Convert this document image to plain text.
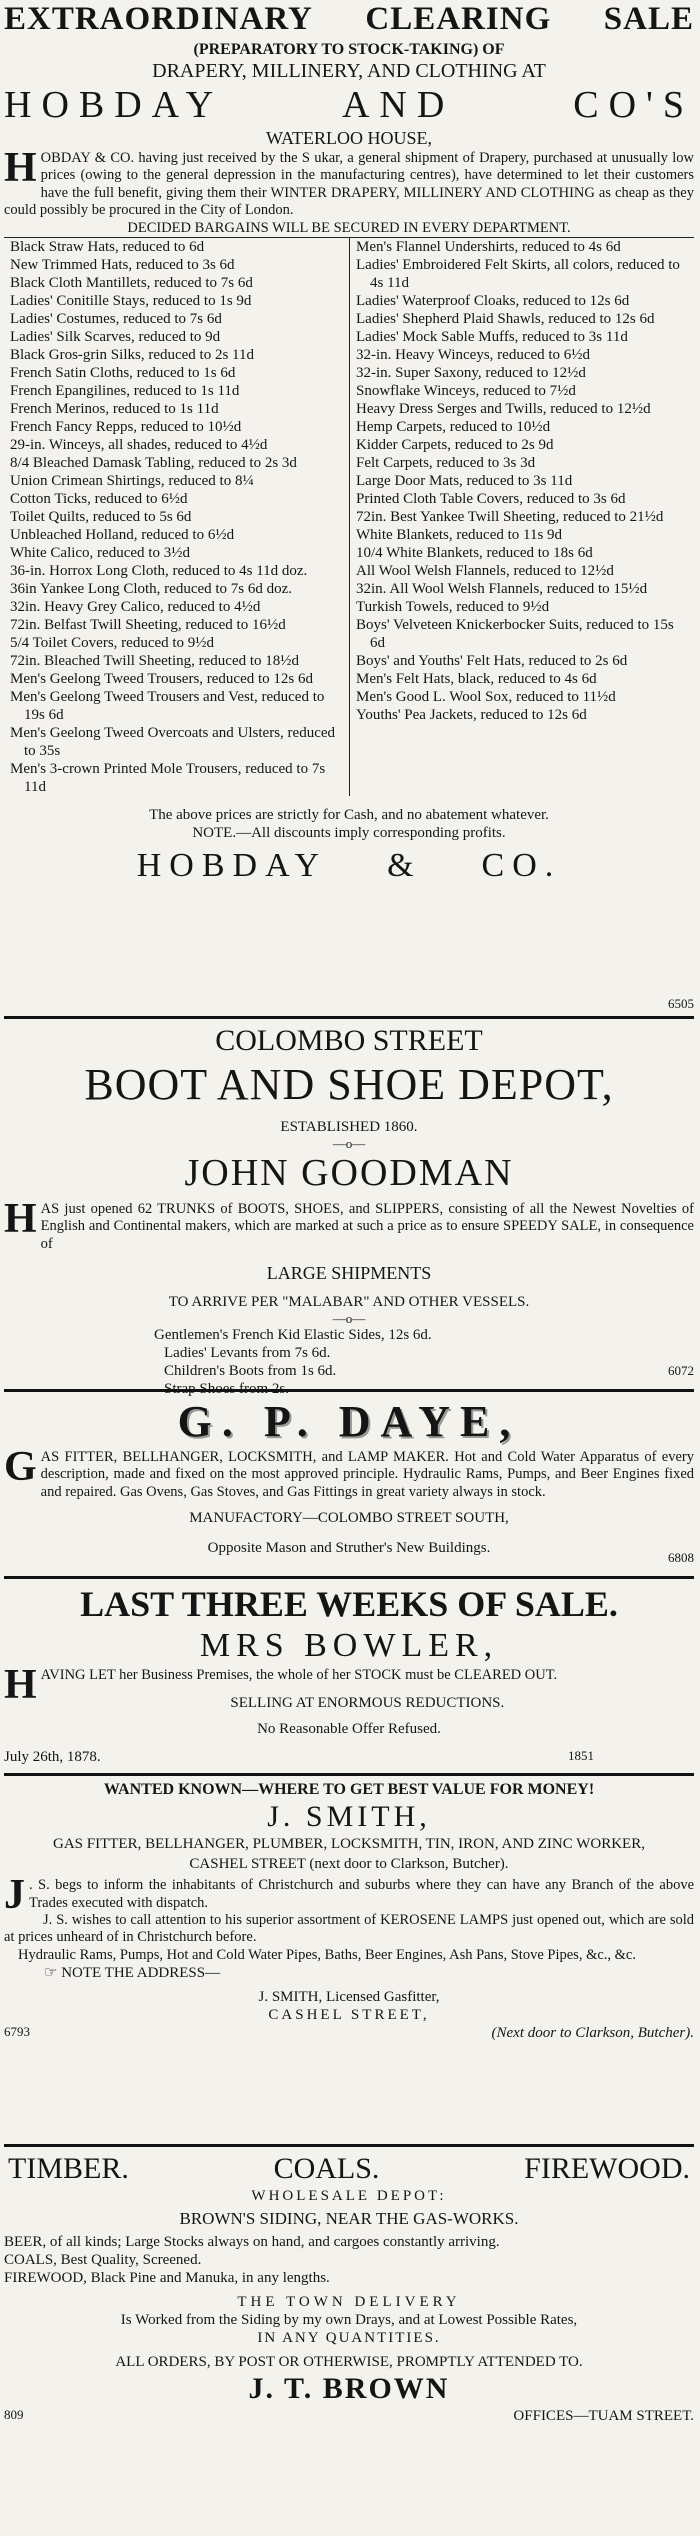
EXTRAORDINARY CLEARING SALE
(PREPARATORY TO STOCK-TAKING) OF
DRAPERY, MILLINERY, AND CLOTHING AT
HOBDAY	AND	CO'S
WATERLOO HOUSE,

HOBDAY & CO. having just received by the S ukar, a general shipment of Drapery, purchased at unusually low prices (owing to the general depression in the manufacturing centres), have determined to let their customers have the full benefit, giving them their WINTER DRAPERY, MILLINERY AND CLOTHING as cheap as they could possibly be procured in the City of London.

DECIDED BARGAINS WILL BE SECURED IN EVERY DEPARTMENT.
Black Straw Hats, reduced to 6d
New Trimmed Hats, reduced to 3s 6d
Black Cloth Mantillets, reduced to 7s 6d
Ladies' Conitille Stays, reduced to 1s 9d
Ladies' Costumes, reduced to 7s 6d
Ladies' Silk Scarves, reduced to 9d
Black Gros-grin Silks, reduced to 2s 11d
French Satin Cloths, reduced to 1s 6d
French Epangilines, reduced to 1s 11d
French Merinos, reduced to 1s 11d
French Fancy Repps, reduced to 10½d
29-in. Winceys, all shades, reduced to 4½d
8/4 Bleached Damask Tabling, reduced to 2s 3d
Union Crimean Shirtings, reduced to 8¼
Cotton Ticks, reduced to 6½d
Toilet Quilts, reduced to 5s 6d
Unbleached Holland, reduced to 6½d
White Calico, reduced to 3½d
36-in. Horrox Long Cloth, reduced to 4s 11d doz.
36in Yankee Long Cloth, reduced to 7s 6d doz.
32in. Heavy Grey Calico, reduced to 4½d
72in. Belfast Twill Sheeting, reduced to 16½d
5/4 Toilet Covers, reduced to 9½d
72in. Bleached Twill Sheeting, reduced to 18½d
Men's Geelong Tweed Trousers, reduced to 12s 6d
Men's Geelong Tweed Trousers and Vest, reduced to 19s 6d
Men's Geelong Tweed Overcoats and Ulsters, reduced to 35s
Men's 3-crown Printed Mole Trousers, reduced to 7s 11d
Men's Flannel Undershirts, reduced to 4s 6d
Ladies' Embroidered Felt Skirts, all colors, reduced to 4s 11d
Ladies' Waterproof Cloaks, reduced to 12s 6d
Ladies' Shepherd Plaid Shawls, reduced to 12s 6d
Ladies' Mock Sable Muffs, reduced to 3s 11d
32-in. Heavy Winceys, reduced to 6½d
32-in. Super Saxony, reduced to 12½d
Snowflake Winceys, reduced to 7½d
Heavy Dress Serges and Twills, reduced to 12½d
Hemp Carpets, reduced to 10½d
Kidder Carpets, reduced to 2s 9d
Felt Carpets, reduced to 3s 3d
Large Door Mats, reduced to 3s 11d
Printed Cloth Table Covers, reduced to 3s 6d
72in. Best Yankee Twill Sheeting, reduced to 21½d
White Blankets, reduced to 11s 9d
10/4 White Blankets, reduced to 18s 6d
All Wool Welsh Flannels, reduced to 12½d
32in. All Wool Welsh Flannels, reduced to 15½d
Turkish Towels, reduced to 9½d
Boys' Velveteen Knickerbocker Suits, reduced to 15s 6d
Boys' and Youths' Felt Hats, reduced to 2s 6d
Men's Felt Hats, black, reduced to 4s 6d
Men's Good L. Wool Sox, reduced to 11½d
Youths' Pea Jackets, reduced to 12s 6d
The above prices are strictly for Cash, and no abatement whatever.
NOTE.—All discounts imply corresponding profits.
HOBDAY & CO.
6505
COLOMBO STREET
BOOT AND SHOE DEPOT,
ESTABLISHED 1860.
—o—
JOHN GOODMAN

HAS just opened 62 TRUNKS of BOOTS, SHOES, and SLIPPERS, consisting of all the Newest Novelties of English and Continental makers, which are marked at such a price as to ensure SPEEDY SALE, in consequence of

LARGE SHIPMENTS
TO ARRIVE PER "MALABAR" AND OTHER VESSELS.
—o—
Gentlemen's French Kid Elastic Sides, 12s 6d.
Ladies' Levants from 7s 6d.
Children's Boots from 1s 6d.
Strap Shoes from 2s.
6072
G. P. DAYE,

GAS FITTER, BELLHANGER, LOCKSMITH, and LAMP MAKER. Hot and Cold Water Apparatus of every description, made and fixed on the most approved principle. Hydraulic Rams, Pumps, and Beer Engines fixed and repaired. Gas Ovens, Gas Stoves, and Gas Fittings in great variety always in stock.

MANUFACTORY—COLOMBO STREET SOUTH,
Opposite Mason and Struther's New Buildings.
6808
LAST THREE WEEKS OF SALE.
MRS BOWLER,

HAVING LET her Business Premises, the whole of her STOCK must be CLEARED OUT.

SELLING AT ENORMOUS REDUCTIONS.
No Reasonable Offer Refused.
July 26th, 1878.	1851
WANTED KNOWN—WHERE TO GET BEST VALUE FOR MONEY!
J. SMITH,
GAS FITTER, BELLHANGER, PLUMBER, LOCKSMITH, TIN, IRON, AND ZINC WORKER,
CASHEL STREET (next door to Clarkson, Butcher).

J . S. begs to inform the inhabitants of Christchurch and suburbs where they can have any Branch of the above Trades executed with dispatch.

J. S. wishes to call attention to his superior assortment of KEROSENE LAMPS just opened out, which are sold at prices unheard of in Christchurch before.

Hydraulic Rams, Pumps, Hot and Cold Water Pipes, Baths, Beer Engines, Ash Pans, Stove Pipes, &c., &c.

☞ NOTE THE ADDRESS—
J. SMITH, Licensed Gasfitter,
CASHEL STREET,
6793	(Next door to Clarkson, Butcher).
TIMBER.	COALS.	FIREWOOD.
WHOLESALE DEPOT:
BROWN'S SIDING, NEAR THE GAS-WORKS.

BEER, of all kinds; Large Stocks always on hand, and cargoes constantly arriving.

COALS, Best Quality, Screened.
FIREWOOD, Black Pine and Manuka, in any lengths.
THE TOWN DELIVERY
Is Worked from the Siding by my own Drays, and at Lowest Possible Rates,
IN ANY QUANTITIES.
ALL ORDERS, BY POST OR OTHERWISE, PROMPTLY ATTENDED TO.
J. T. BROWN
809	OFFICES—TUAM STREET.
